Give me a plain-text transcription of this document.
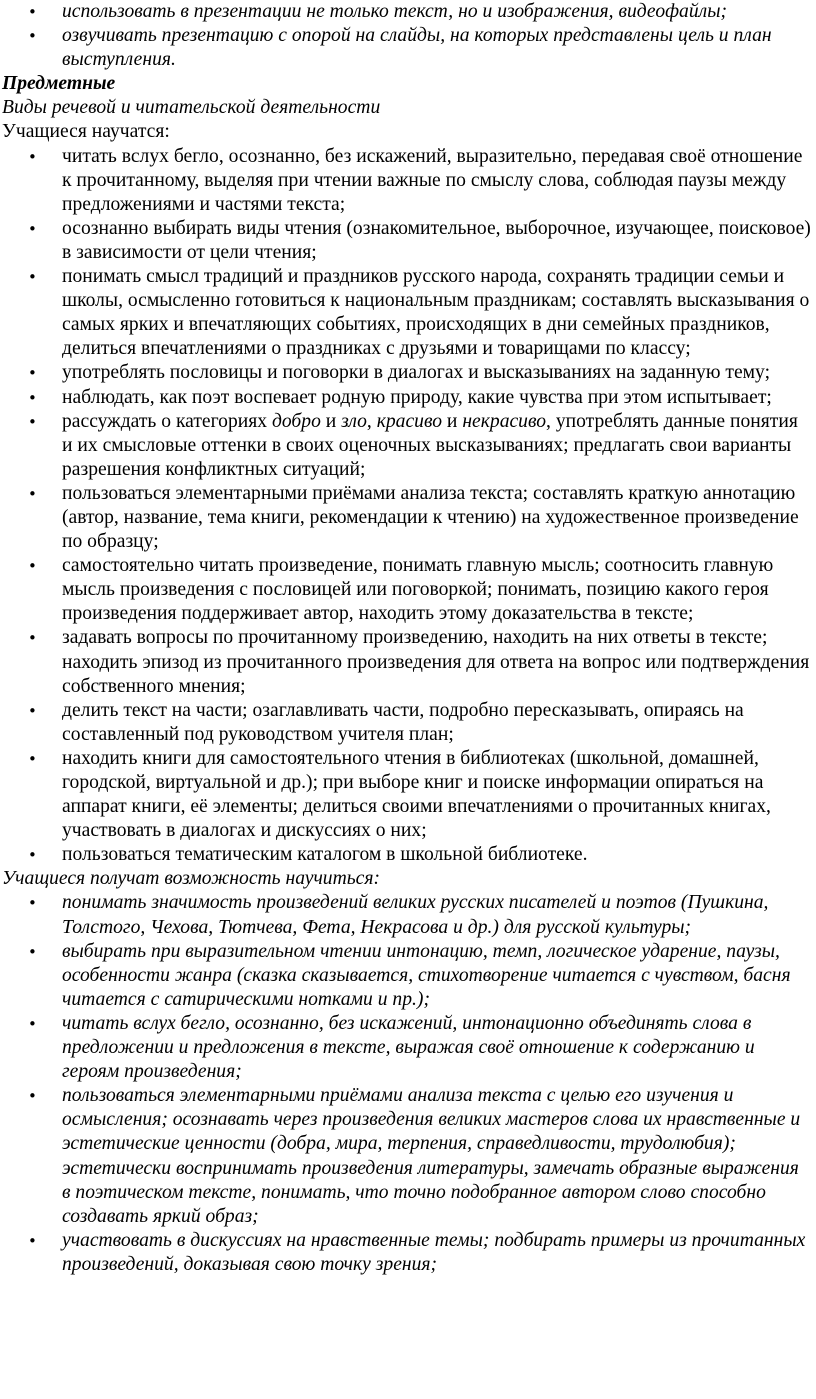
• использовать в презентации не только текст, но и изображения, видеофайлы;
• озвучивать презентацию с опорой на слайды, на которых представлены цель и план выступления.

Предметные

Виды речевой и читательской деятельности

Учащиеся научатся:

• читать вслух бегло, осознанно, без искажений, выразительно, передавая своё отношение к прочитанному, выделяя при чтении важные по смыслу слова, соблюдая паузы между предложениями и частями текста;
• осознанно выбирать виды чтения (ознакомительное, выборочное, изучающее, поисковое) в зависимости от цели чтения;
• понимать смысл традиций и праздников русского народа, сохранять традиции семьи и школы, осмысленно готовиться к национальным праздникам; составлять высказывания о самых ярких и впечатляющих событиях, происходящих в дни семейных праздников, делиться впечатлениями о праздниках с друзьями и товарищами по классу;
• употреблять пословицы и поговорки в диалогах и высказываниях на заданную тему;
• наблюдать, как поэт воспевает родную природу, какие чувства при этом испытывает;
• рассуждать о категориях добро и зло, красиво и некрасиво, употреблять данные понятия и их смысловые оттенки в своих оценочных высказываниях; предлагать свои варианты разрешения конфликтных ситуаций;
• пользоваться элементарными приёмами анализа текста; составлять краткую аннотацию (автор, название, тема книги, рекомендации к чтению) на художественное произведение по образцу;
• самостоятельно читать произведение, понимать главную мысль; соотносить главную мысль произведения с пословицей или поговоркой; понимать, позицию какого героя произведения поддерживает автор, находить этому доказательства в тексте;
• задавать вопросы по прочитанному произведению, находить на них ответы в тексте; находить эпизод из прочитанного произведения для ответа на вопрос или подтверждения собственного мнения;
• делить текст на части; озаглавливать части, подробно пересказывать, опираясь на составленный под руководством учителя план;
• находить книги для самостоятельного чтения в библиотеках (школьной, домашней, городской, виртуальной и др.); при выборе книг и поиске информации опираться на аппарат книги, её элементы; делиться своими впечатлениями о прочитанных книгах, участвовать в диалогах и дискуссиях о них;
• пользоваться тематическим каталогом в школьной библиотеке.

Учащиеся получат возможность научиться:

• понимать значимость произведений великих русских писателей и поэтов (Пушкина, Толстого, Чехова, Тютчева, Фета, Некрасова и др.) для русской культуры;
• выбирать при выразительном чтении интонацию, темп, логическое ударение, паузы, особенности жанра (сказка сказывается, стихотворение читается с чувством, басня читается с сатирическими нотками и пр.);
• читать вслух бегло, осознанно, без искажений, интонационно объединять слова в предложении и предложения в тексте, выражая своё отношение к содержанию и героям произведения;
• пользоваться элементарными приёмами анализа текста с целью его изучения и осмысления; осознавать через произведения великих мастеров слова их нравственные и эстетические ценности (добра, мира, терпения, справедливости, трудолюбия); эстетически воспринимать произведения литературы, замечать образные выражения в поэтическом тексте, понимать, что точно подобранное автором слово способно создавать яркий образ;
• участвовать в дискуссиях на нравственные темы; подбирать примеры из прочитанных произведений, доказывая свою точку зрения;
